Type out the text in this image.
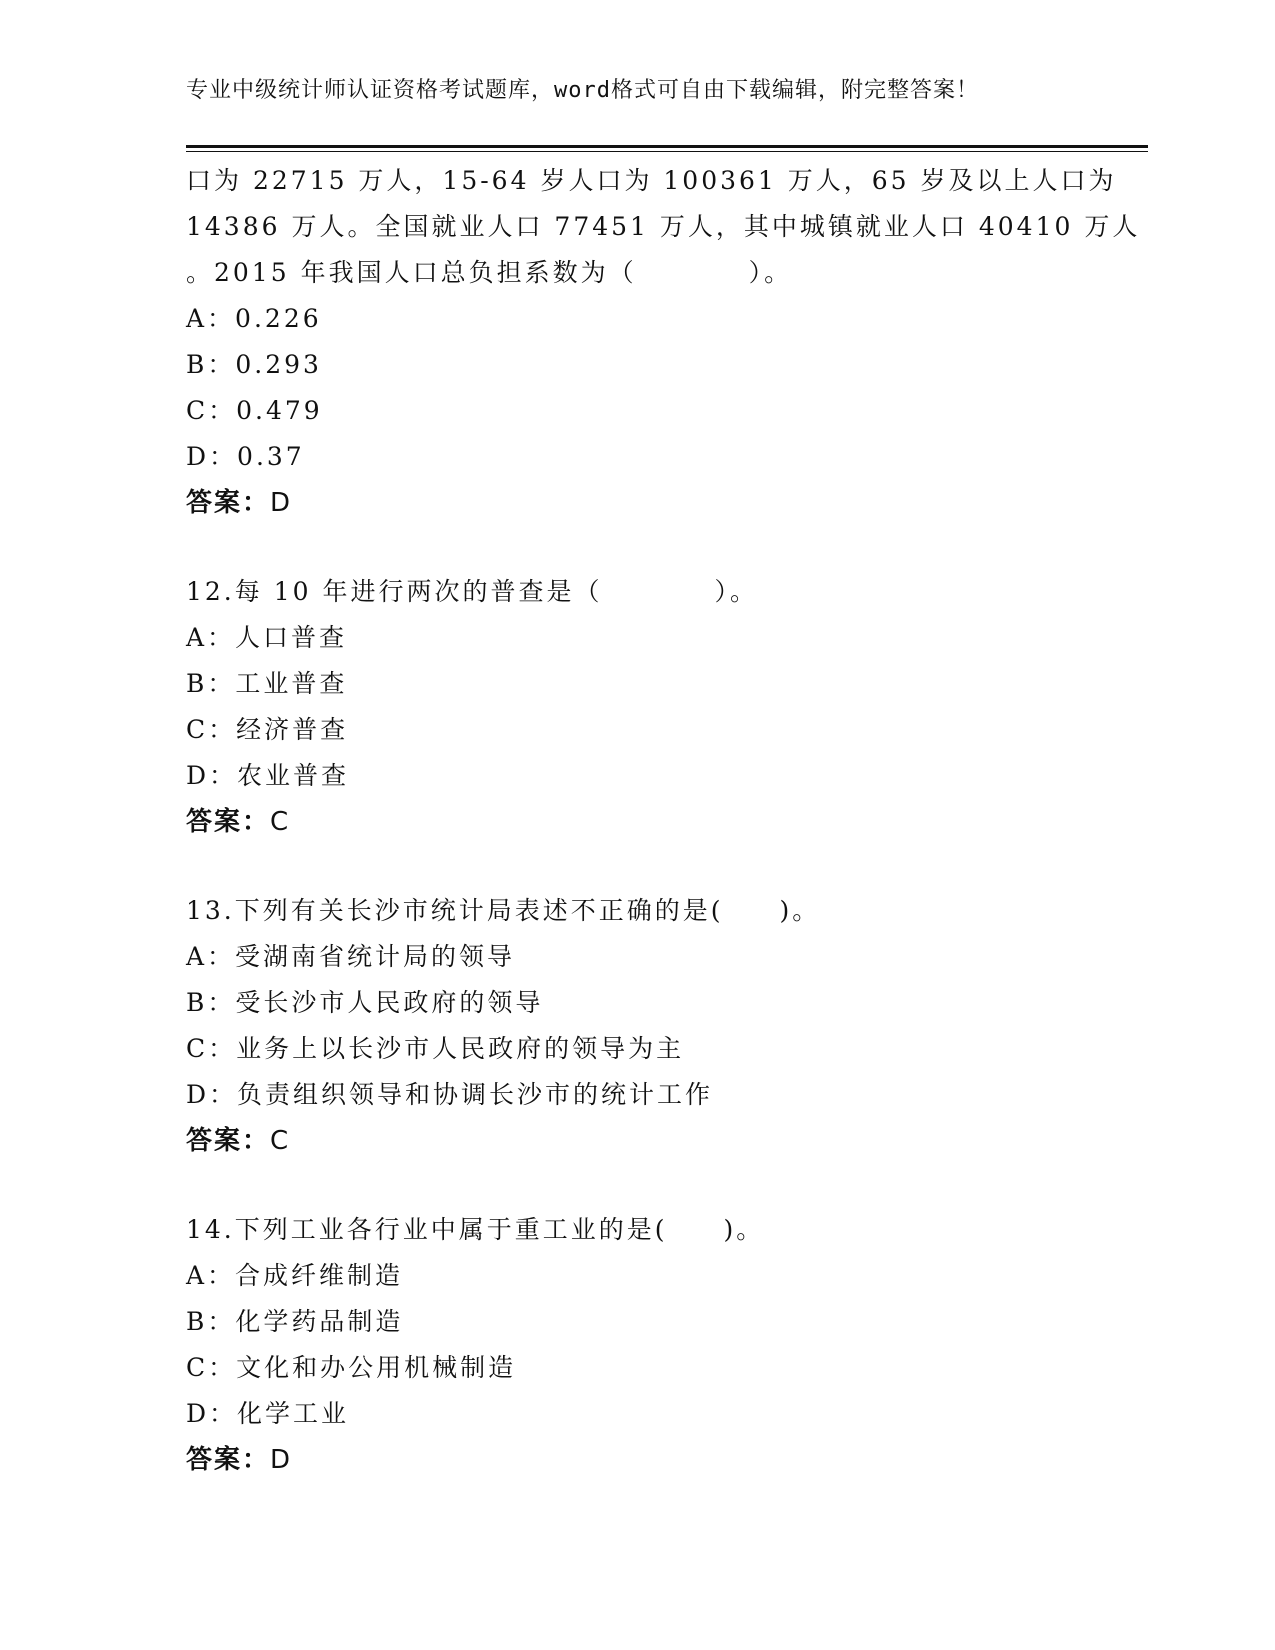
专业中级统计师认证资格考试题库，word格式可自由下载编辑，附完整答案！
口为 22715 万人，15-64 岁人口为 100361 万人，65 岁及以上人口为
14386 万人。全国就业人口 77451 万人，其中城镇就业人口 40410 万人
。2015 年我国人口总负担系数为（　　　　）。
A：0.226
B：0.293
C：0.479
D：0.37
答案：D
12.每 10 年进行两次的普查是（　　　　）。
A：人口普查
B：工业普查
C：经济普查
D：农业普查
答案：C
13.下列有关长沙市统计局表述不正确的是(　　)。
A：受湖南省统计局的领导
B：受长沙市人民政府的领导
C：业务上以长沙市人民政府的领导为主
D：负责组织领导和协调长沙市的统计工作
答案：C
14.下列工业各行业中属于重工业的是(　　)。
A：合成纤维制造
B：化学药品制造
C：文化和办公用机械制造
D：化学工业
答案：D
